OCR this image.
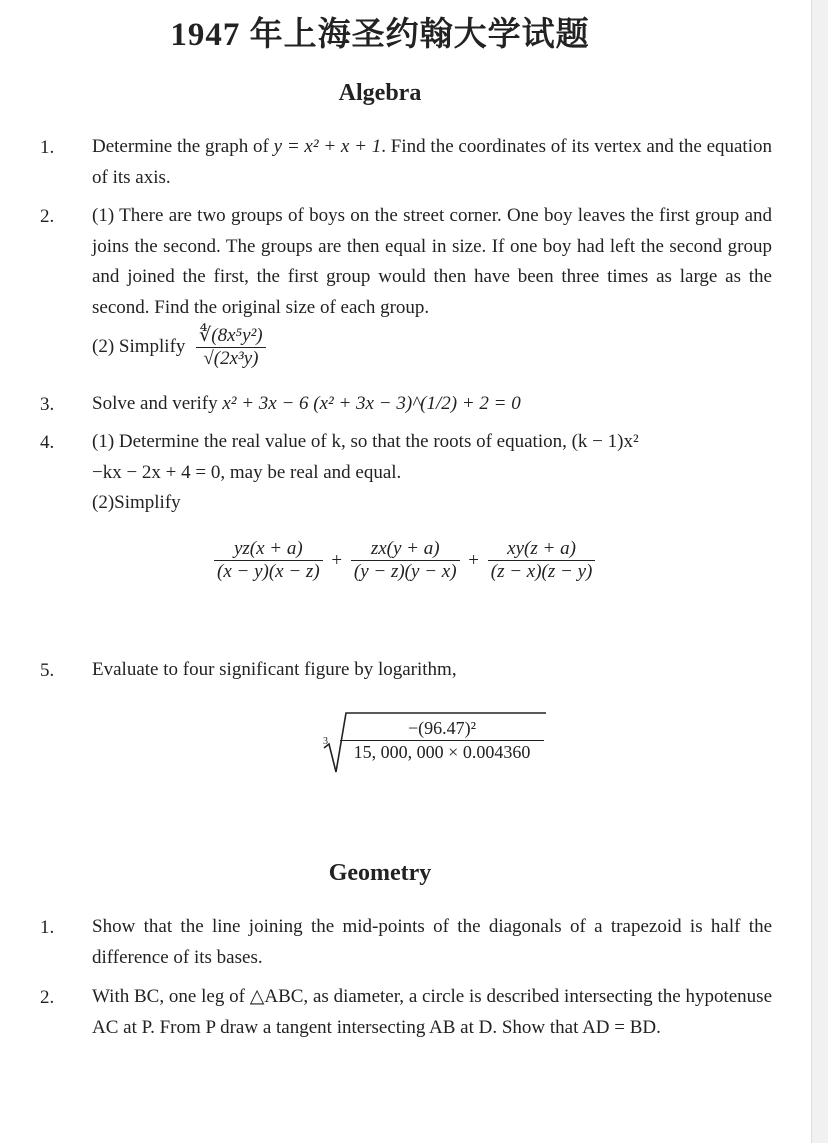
1947 年上海圣约翰大学试题
Algebra
1. Determine the graph of y = x² + x + 1. Find the coordinates of its vertex and the equation of its axis.
2. (1) There are two groups of boys on the street corner. One boy leaves the first group and joins the second. The groups are then equal in size. If one boy had left the second group and joined the first, the first group would then have been three times as large as the second. Find the original size of each group.
(2) Simplify $\frac{\text{∜(8x⁵y²)}}{\text{√(2x³y)}}$
3. Solve and verify x² + 3x − 6 (x² + 3x − 3)^(1/2) + 2 = 0
4. (1) Determine the real value of k, so that the roots of equation, (k − 1)x²
−kx − 2x + 4 = 0, may be real and equal.
(2)Simplify
$\frac{yz(x + a)}{(x - y)(x - z)} + \frac{zx(y + a)}{(y - z)(y - x)} + \frac{xy(z + a)}{(z - x)(z - y)}$
5. Evaluate to four significant figure by logarithm,
$3 \frac{\text{−(96.47)²}}{15, 000, 000 \times 0.004360}$
Geometry
1. Show that the line joining the mid-points of the diagonals of a trapezoid is half the difference of its bases.
2. With BC, one leg of △ABC, as diameter, a circle is described intersecting the hypotenuse AC at P. From P draw a tangent intersecting AB at D. Show that AD = BD.
